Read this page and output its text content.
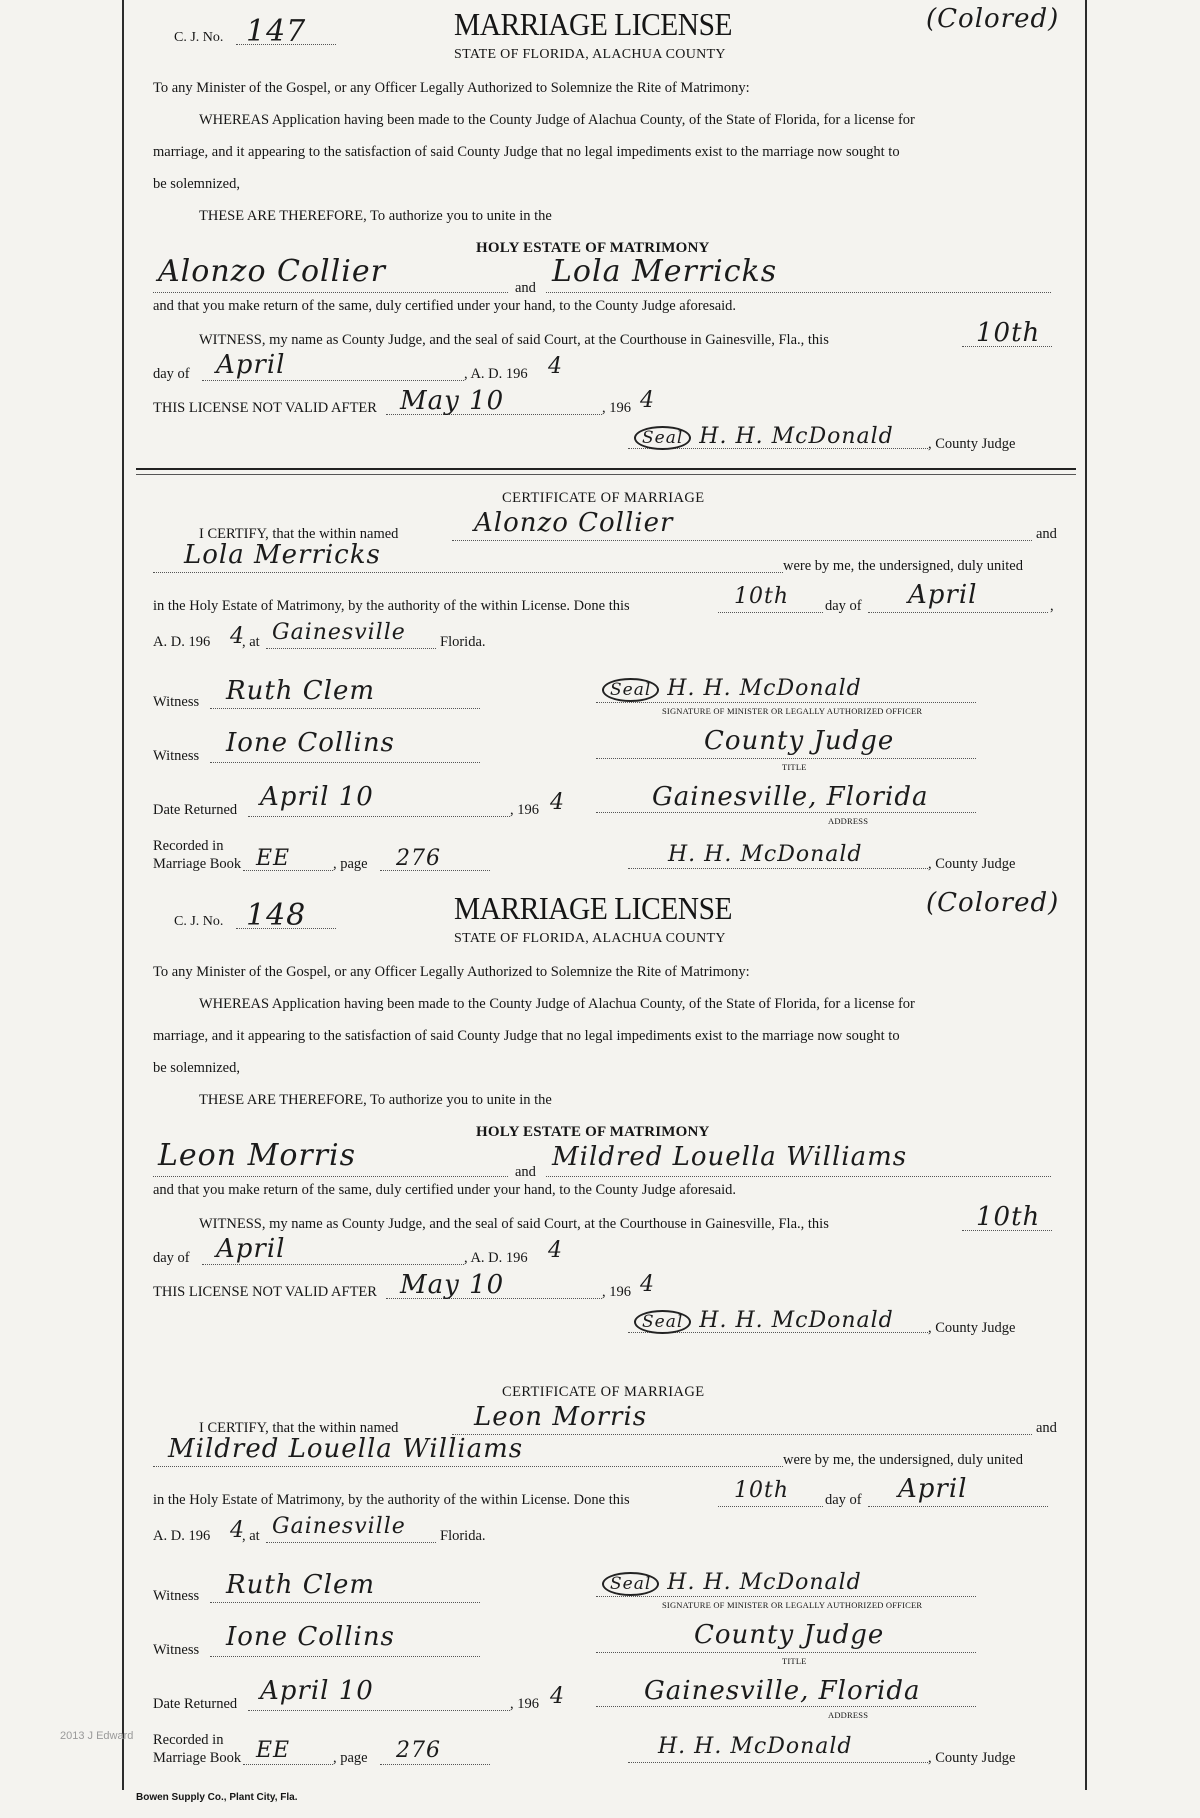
C. J. No. 147	MARRIAGE LICENSE	(Colored)
STATE OF FLORIDA, ALACHUA COUNTY
To any Minister of the Gospel, or any Officer Legally Authorized to Solemnize the Rite of Matrimony:
WHEREAS Application having been made to the County Judge of Alachua County, of the State of Florida, for a license for
marriage, and it appearing to the satisfaction of said County Judge that no legal impediments exist to the marriage now sought to
be solemnized,
THESE ARE THEREFORE, To authorize you to unite in the
HOLY ESTATE OF MATRIMONY
Alonzo Collier	and Lola Merricks
and that you make return of the same, duly certified under your hand, to the County Judge aforesaid.
WITNESS, my name as County Judge, and the seal of said Court, at the Courthouse in Gainesville, Fla., this	10th
day of April	, A. D. 196 4
THIS LICENSE NOT VALID AFTER May 10	, 196 4
Seal H. H. McDonald , County Judge
CERTIFICATE OF MARRIAGE
I CERTIFY, that the within named	Alonzo Collier	and
Lola Merricks	were by me, the undersigned, duly united
in the Holy Estate of Matrimony, by the authority of the within License. Done this	10th day of April	,
A. D. 196 4
, at Gainesville Florida.
Witness Ruth Clem	Seal H. H. McDonald
SIGNATURE OF MINISTER OR LEGALLY AUTHORIZED OFFICER
Witness Ione Collins	County Judge
TITLE
Date Returned April 10	, 196 4	Gainesville, Florida
ADDRESS
Recorded in
Marriage Book EE	, page 276	H. H. McDonald	, County Judge
C. J. No. 148	MARRIAGE LICENSE	(Colored)
STATE OF FLORIDA, ALACHUA COUNTY
To any Minister of the Gospel, or any Officer Legally Authorized to Solemnize the Rite of Matrimony:
WHEREAS Application having been made to the County Judge of Alachua County, of the State of Florida, for a license for
marriage, and it appearing to the satisfaction of said County Judge that no legal impediments exist to the marriage now sought to
be solemnized,
THESE ARE THEREFORE, To authorize you to unite in the
HOLY ESTATE OF MATRIMONY
Leon Morris	and Mildred Louella Williams
and that you make return of the same, duly certified under your hand, to the County Judge aforesaid.
WITNESS, my name as County Judge, and the seal of said Court, at the Courthouse in Gainesville, Fla., this	10th
day of April	, A. D. 196 4
THIS LICENSE NOT VALID AFTER May 10	, 196 4
Seal H. H. McDonald , County Judge
CERTIFICATE OF MARRIAGE
I CERTIFY, that the within named	Leon Morris	and
Mildred Louella Williams	were by me, the undersigned, duly united
in the Holy Estate of Matrimony, by the authority of the within License. Done this	10th day of April
A. D. 196 4
, at Gainesville Florida.
Witness Ruth Clem	Seal H. H. McDonald
SIGNATURE OF MINISTER OR LEGALLY AUTHORIZED OFFICER
Witness Ione Collins	County Judge
TITLE
Date Returned April 10	, 196 4	Gainesville, Florida
ADDRESS
Recorded in
Marriage Book EE	, page 276	H. H. McDonald	, County Judge
2013 J Edward
Bowen Supply Co., Plant City, Fla.
